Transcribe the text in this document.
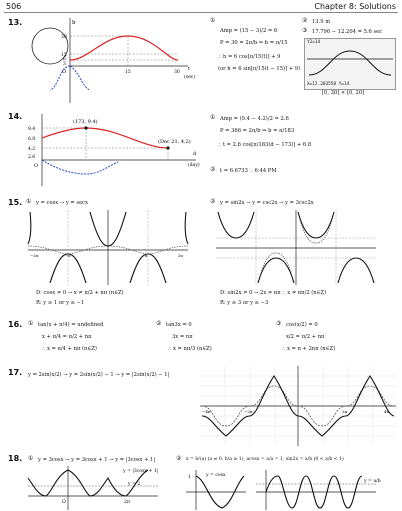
506	Chapter 8: Solutions
13.	h
30
15
6
3
O	15	30
t
(sec)
①
Amp = (15 − 3)/2 = 6
P = 30 = 2π/b ⇒ b = π/15
∴ h = 6 cos[π/15(t)] + 9
(or h = 6 sin[π/15(t − 15)] + 9)
② 13.9 m
③ 17.796 − 12.204 = 5.6 sec
Y2=14
X=12.203558 Y=14
[0, 30] × [0, 20]
14.
(173, 9.4)
(Dec 21, 4.2)
9.4
6.8
4.2
2.6
O
d
(day)
① Amp = (9.4 − 4.2)/2 = 2.6
P = 366 = 2π/b ⇒ b = π/183
∴ t = 2.6 cos[π/183(d − 173)] + 6.8
② t = 6.6733 ∴ 6:44 PM
15. ① y = cosx → y = secx
−2π	−π	π	2π
D: cosx ≠ 0 → x ≠ π/2 + nπ (n∈Z)
R: y ≥ 1 or y ≤ −1
② y = sin2x → y = csc2x → y = 3csc2x
D: sin2x ≠ 0 → 2x ≠ nπ ∴ x ≠ nπ/2 (n∈Z)
R: y ≥ 3 or y ≤ −3
16. ① tan(x + π/4) = undefined
x + π/4 = π/2 + nπ
∴ x = π/4 + nπ (n∈Z)
② tan3x = 0
3x = nπ
∴ x = nπ/3 (n∈Z)
③ cos(x/2) = 0
x/2 = π/2 + nπ
∴ x = π + 2nπ (n∈Z)
17. y = 2sin(x/2) → y = 2sin(x/2) − 1 → y = |2sin(x/2) − 1|
−4π	−2π	2π	4π
18. ① y = 3cosx → y = 3cosx + 1 → y = |3cosx + 1|
y = |3cosx + 1|
y = 2
O	2π
② x = b/(a) (a ≠ 0, b/a ≥ 1), acosx = a/a = 1, sin2x = a/b (0 < a/b < 1)
y = cosx
1
y = a/b
